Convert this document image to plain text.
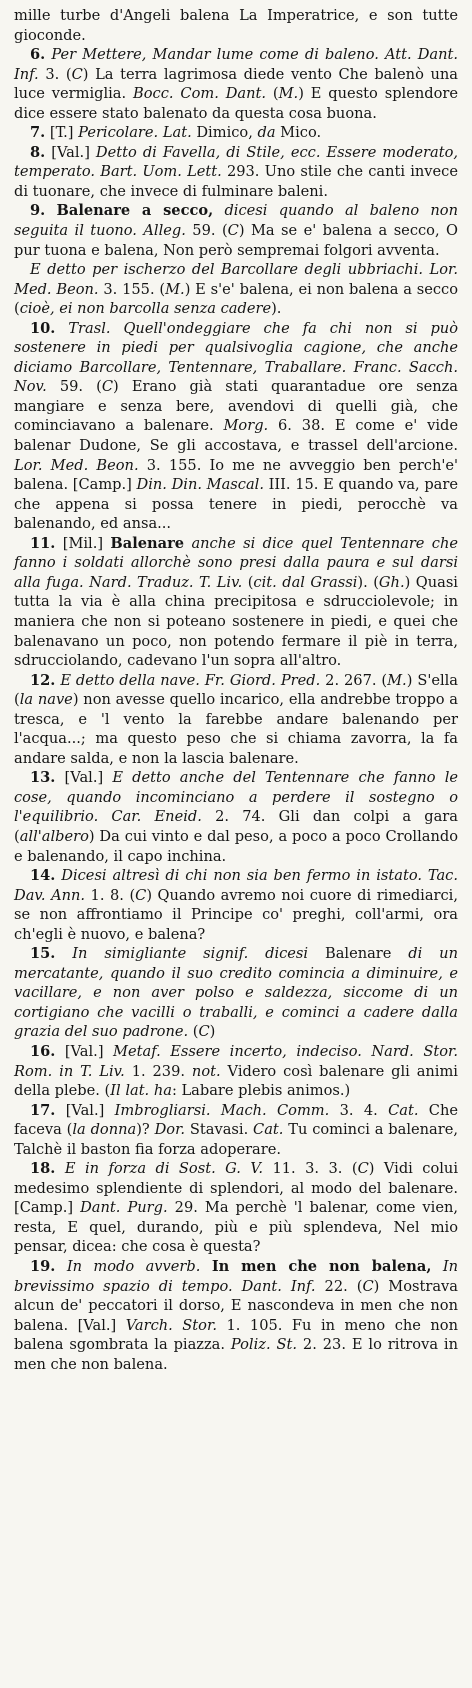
mille turbe d'Angeli balena La Imperatrice, e son tutte gioconde.

6. Per Mettere, Mandar lume come di baleno. Att. Dant. Inf. 3. (C) La terra lagrimosa diede vento Che balenò una luce vermiglia. Bocc. Com. Dant. (M.) E questo splendore dice essere stato balenato da questa cosa buona.

7. [T.] Pericolare. Lat. Dimico, da Mico.

8. [Val.] Detto di Favella, di Stile, ecc. Essere moderato, temperato. Bart. Uom. Lett. 293. Uno stile che canti invece di tuonare, che invece di fulminare baleni.

9. Balenare a secco, dicesi quando al baleno non seguita il tuono. Alleg. 59. (C) Ma se e' balena a secco, O pur tuona e balena, Non però sempremai folgori avventa.

E detto per ischerzo del Barcollare degli ubbriachi. Lor. Med. Beon. 3. 155. (M.) E s'e' balena, ei non balena a secco (cioè, ei non barcolla senza cadere).

10. Trasl. Quell'ondeggiare che fa chi non si può sostenere in piedi per qualsivoglia cagione, che anche diciamo Barcollare, Tentennare, Traballare. Franc. Sacch. Nov. 59. (C) Erano già stati quarantadue ore senza mangiare e senza bere, avendovi di quelli già, che cominciavano a balenare. Morg. 6. 38. E come e' vide balenar Dudone, Se gli accostava, e trassel dell'arcione. Lor. Med. Beon. 3. 155. Io me ne avveggio ben perch'e' balena. [Camp.] Din. Din. Mascal. III. 15. E quando va, pare che appena si possa tenere in piedi, perocchè va balenando, ed ansa...

11. [Mil.] Balenare anche si dice quel Tentennare che fanno i soldati allorchè sono presi dalla paura e sul darsi alla fuga. Nard. Traduz. T. Liv. (cit. dal Grassi). (Gh.) Quasi tutta la via è alla china precipitosa e sdrucciolevole; in maniera che non si poteano sostenere in piedi, e quei che balenavano un poco, non potendo fermare il piè in terra, sdrucciolando, cadevano l'un sopra all'altro.

12. E detto della nave. Fr. Giord. Pred. 2. 267. (M.) S'ella (la nave) non avesse quello incarico, ella andrebbe troppo a tresca, e 'l vento la farebbe andare balenando per l'acqua...; ma questo peso che si chiama zavorra, la fa andare salda, e non la lascia balenare.

13. [Val.] E detto anche del Tentennare che fanno le cose, quando incominciano a perdere il sostegno o l'equilibrio. Car. Eneid. 2. 74. Gli dan colpi a gara (all'albero) Da cui vinto e dal peso, a poco a poco Crollando e balenando, il capo inchina.

14. Dicesi altresì di chi non sia ben fermo in istato. Tac. Dav. Ann. 1. 8. (C) Quando avremo noi cuore di rimediarci, se non affrontiamo il Principe co' preghi, coll'armi, ora ch'egli è nuovo, e balena?

15. In simigliante signif. dicesi Balenare di un mercatante, quando il suo credito comincia a diminuire, e vacillare, e non aver polso e saldezza, siccome di un cortigiano che vacilli o traballi, e cominci a cadere dalla grazia del suo padrone. (C)

16. [Val.] Metaf. Essere incerto, indeciso. Nard. Stor. Rom. in T. Liv. 1. 239. not. Videro così balenare gli animi della plebe. (Il lat. ha: Labare plebis animos.)

17. [Val.] Imbrogliarsi. Mach. Comm. 3. 4. Cat. Che faceva (la donna)? Dor. Stavasi. Cat. Tu cominci a balenare, Talchè il baston fia forza adoperare.

18. E in forza di Sost. G. V. 11. 3. 3. (C) Vidi colui medesimo splendiente di splendori, al modo del balenare. [Camp.] Dant. Purg. 29. Ma perchè 'l balenar, come vien, resta, E quel, durando, più e più splendeva, Nel mio pensar, dicea: che cosa è questa?

19. In modo avverb. In men che non balena, In brevissimo spazio di tempo. Dant. Inf. 22. (C) Mostrava alcun de' peccatori il dorso, E nascondeva in men che non balena. [Val.] Varch. Stor. 1. 105. Fu in meno che non balena sgombrata la piazza. Poliz. St. 2. 23. E lo ritrova in men che non balena.
